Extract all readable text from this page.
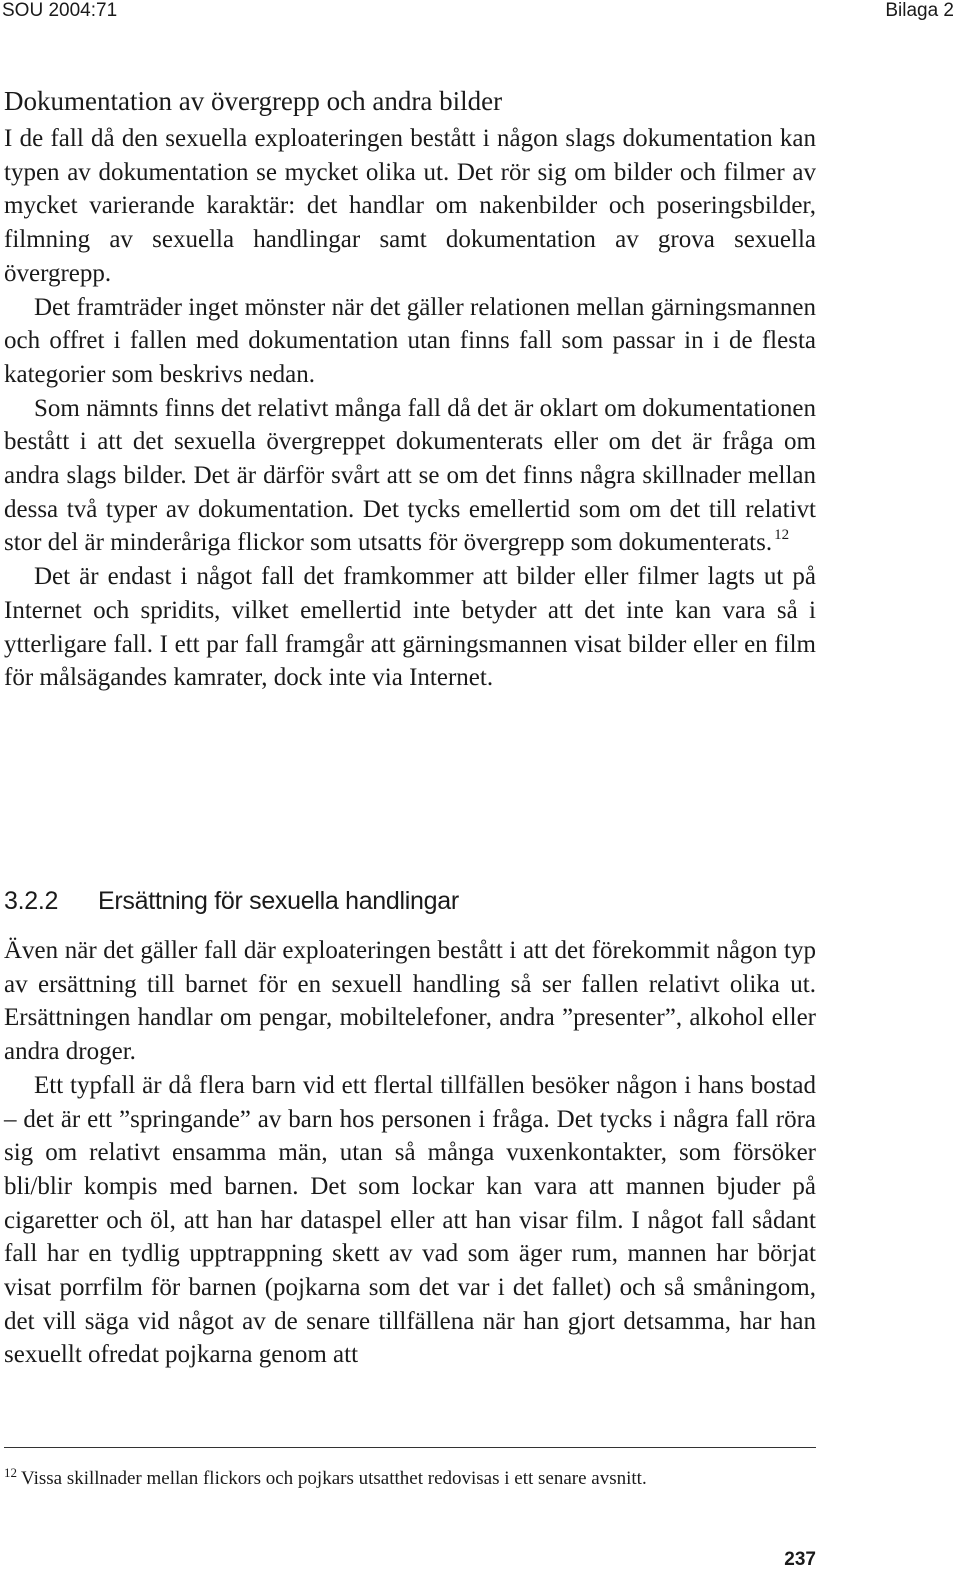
SOU 2004:71	Bilaga 2
Dokumentation av övergrepp och andra bilder

I de fall då den sexuella exploateringen bestått i någon slags dokumentation kan typen av dokumentation se mycket olika ut. Det rör sig om bilder och filmer av mycket varierande karaktär: det handlar om nakenbilder och poseringsbilder, filmning av sexuella handlingar samt dokumentation av grova sexuella övergrepp.

Det framträder inget mönster när det gäller relationen mellan gärningsmannen och offret i fallen med dokumentation utan finns fall som passar in i de flesta kategorier som beskrivs nedan.

Som nämnts finns det relativt många fall då det är oklart om dokumentationen bestått i att det sexuella övergreppet dokumenterats eller om det är fråga om andra slags bilder. Det är därför svårt att se om det finns några skillnader mellan dessa två typer av dokumentation. Det tycks emellertid som om det till relativt stor del är minderåriga flickor som utsatts för övergrepp som dokumenterats. $^{12}$

Det är endast i något fall det framkommer att bilder eller filmer lagts ut på Internet och spridits, vilket emellertid inte betyder att det inte kan vara så i ytterligare fall. I ett par fall framgår att gärningsmannen visat bilder eller en film för målsägandes kamrater, dock inte via Internet.

3.2.2 Ersättning för sexuella handlingar

Även när det gäller fall där exploateringen bestått i att det förekommit någon typ av ersättning till barnet för en sexuell handling så ser fallen relativt olika ut. Ersättningen handlar om pengar, mobiltelefoner, andra ”presenter”, alkohol eller andra droger.

Ett typfall är då flera barn vid ett flertal tillfällen besöker någon i hans bostad – det är ett ”springande” av barn hos personen i fråga. Det tycks i några fall röra sig om relativt ensamma män, utan så många vuxenkontakter, som försöker bli/blir kompis med barnen. Det som lockar kan vara att mannen bjuder på cigaretter och öl, att han har dataspel eller att han visar film. I något fall sådant fall har en tydlig upptrappning skett av vad som äger rum, mannen har börjat visat porrfilm för barnen (pojkarna som det var i det fallet) och så småningom, det vill säga vid något av de senare tillfällena när han gjort detsamma, har han sexuellt ofredat pojkarna genom att

$^{12}$ Vissa skillnader mellan flickors och pojkars utsatthet redovisas i ett senare avsnitt.
237
